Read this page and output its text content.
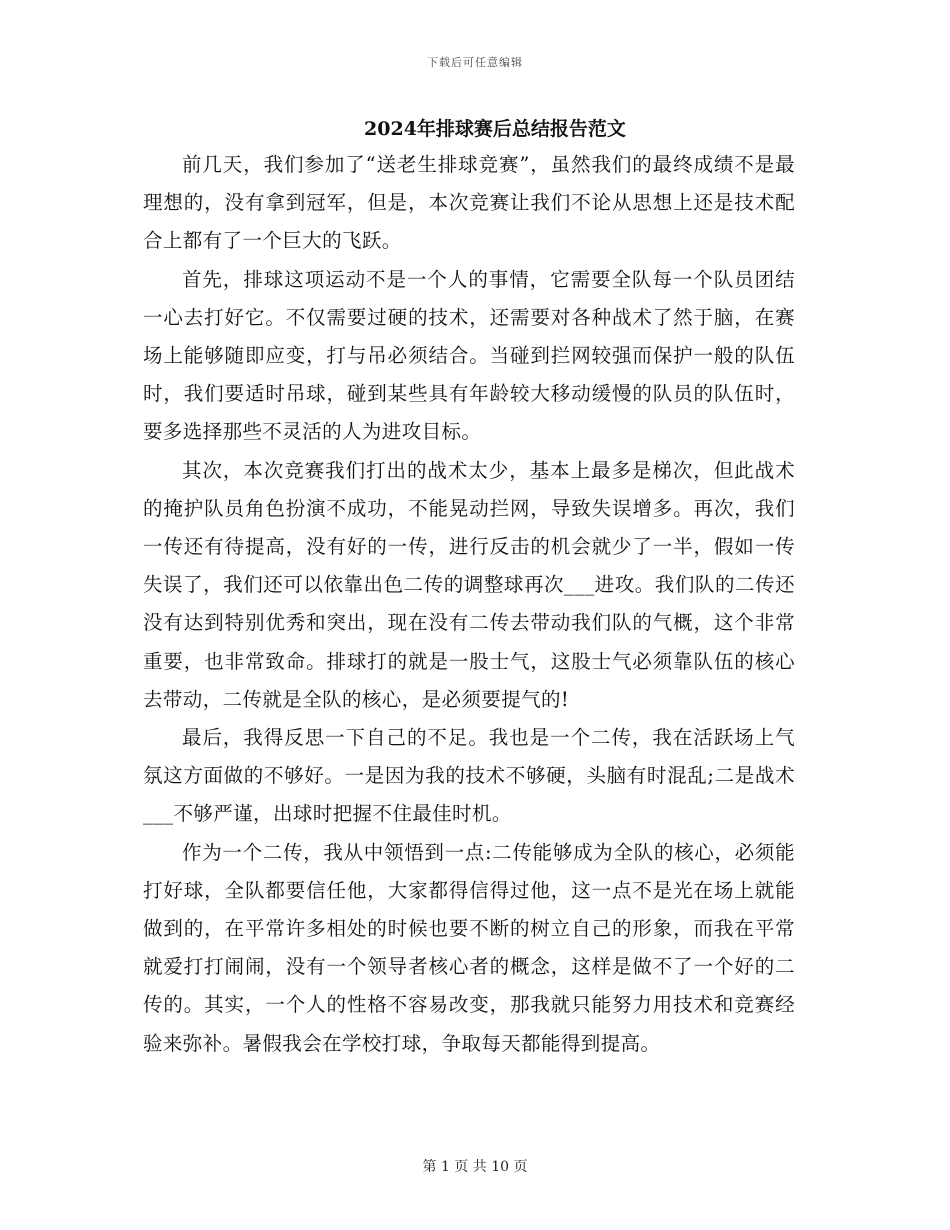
下载后可任意编辑
2024年排球赛后总结报告范文

前几天，我们参加了“送老生排球竞赛”，虽然我们的最终成绩不是最理想的，没有拿到冠军，但是，本次竞赛让我们不论从思想上还是技术配合上都有了一个巨大的飞跃。

首先，排球这项运动不是一个人的事情，它需要全队每一个队员团结一心去打好它。不仅需要过硬的技术，还需要对各种战术了然于脑，在赛场上能够随即应变，打与吊必须结合。当碰到拦网较强而保护一般的队伍时，我们要适时吊球，碰到某些具有年龄较大移动缓慢的队员的队伍时，要多选择那些不灵活的人为进攻目标。

其次，本次竞赛我们打出的战术太少，基本上最多是梯次，但此战术的掩护队员角色扮演不成功，不能晃动拦网，导致失误增多。再次，我们一传还有待提高，没有好的一传，进行反击的机会就少了一半，假如一传失误了，我们还可以依靠出色二传的调整球再次___进攻。我们队的二传还没有达到特别优秀和突出，现在没有二传去带动我们队的气概，这个非常重要，也非常致命。排球打的就是一股士气，这股士气必须靠队伍的核心去带动，二传就是全队的核心，是必须要提气的!

最后，我得反思一下自己的不足。我也是一个二传，我在活跃场上气氛这方面做的不够好。一是因为我的技术不够硬，头脑有时混乱;二是战术___不够严谨，出球时把握不住最佳时机。

作为一个二传，我从中领悟到一点:二传能够成为全队的核心，必须能打好球，全队都要信任他，大家都得信得过他，这一点不是光在场上就能做到的，在平常许多相处的时候也要不断的树立自己的形象，而我在平常就爱打打闹闹，没有一个领导者核心者的概念，这样是做不了一个好的二传的。其实，一个人的性格不容易改变，那我就只能努力用技术和竞赛经验来弥补。暑假我会在学校打球，争取每天都能得到提高。

第 1 页 共 10 页
